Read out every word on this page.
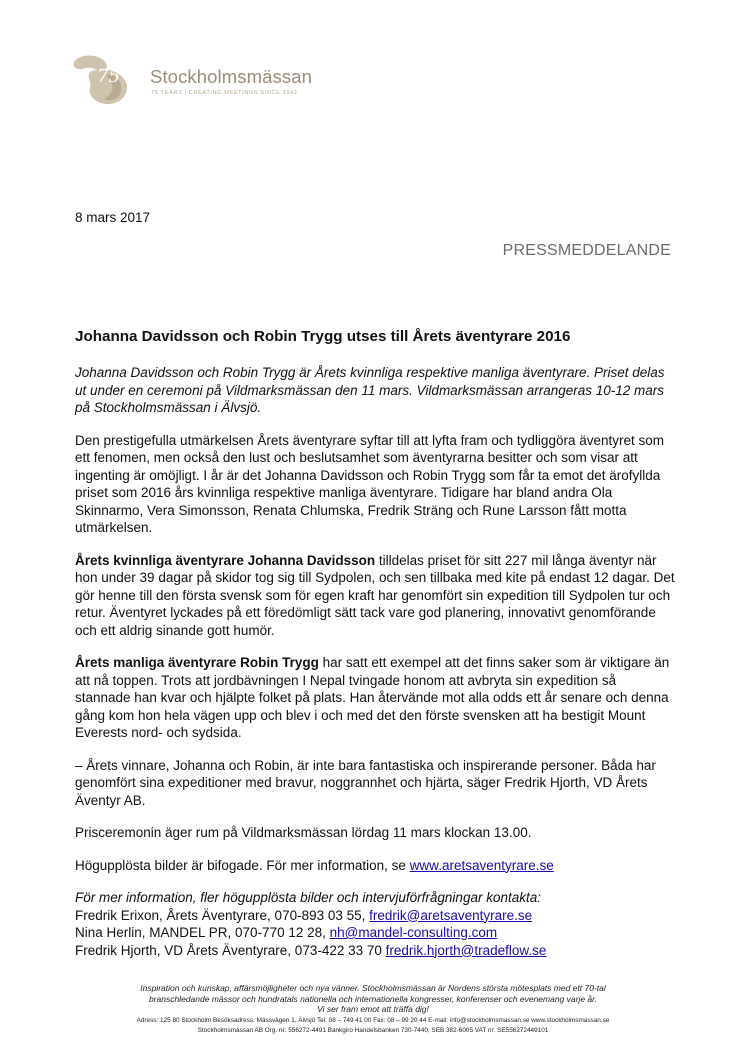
75 Stockholmsmässan
75 YEARS | CREATING MEETINGS SINCE 1942
8 mars 2017
PRESSMEDDELANDE
Johanna Davidsson och Robin Trygg utses till Årets äventyrare 2016

Johanna Davidsson och Robin Trygg är Årets kvinnliga respektive manliga äventyrare. Priset delas ut under en ceremoni på Vildmarksmässan den 11 mars. Vildmarksmässan arrangeras 10-12 mars på Stockholmsmässan i Älvsjö.

Den prestigefulla utmärkelsen Årets äventyrare syftar till att lyfta fram och tydliggöra äventyret som ett fenomen, men också den lust och beslutsamhet som äventyrarna besitter och som visar att ingenting är omöjligt. I år är det Johanna Davidsson och Robin Trygg som får ta emot det ärofyllda priset som 2016 års kvinnliga respektive manliga äventyrare. Tidigare har bland andra Ola Skinnarmo, Vera Simonsson, Renata Chlumska, Fredrik Sträng och Rune Larsson fått motta utmärkelsen.

Årets kvinnliga äventyrare Johanna Davidsson tilldelas priset för sitt 227 mil långa äventyr när hon under 39 dagar på skidor tog sig till Sydpolen, och sen tillbaka med kite på endast 12 dagar. Det gör henne till den första svensk som för egen kraft har genomfört sin expedition till Sydpolen tur och retur. Äventyret lyckades på ett föredömligt sätt tack vare god planering, innovativt genomförande och ett aldrig sinande gott humör.

Årets manliga äventyrare Robin Trygg har satt ett exempel att det finns saker som är viktigare än att nå toppen. Trots att jordbävningen I Nepal tvingade honom att avbryta sin expedition så stannade han kvar och hjälpte folket på plats. Han återvände mot alla odds ett år senare och denna gång kom hon hela vägen upp och blev i och med det den förste svensken att ha bestigit Mount Everests nord- och sydsida.

– Årets vinnare, Johanna och Robin, är inte bara fantastiska och inspirerande personer. Båda har genomfört sina expeditioner med bravur, noggrannhet och hjärta, säger Fredrik Hjorth, VD Årets Äventyr AB.

Prisceremonin äger rum på Vildmarksmässan lördag 11 mars klockan 13.00.

Högupplösta bilder är bifogade. För mer information, se www.aretsaventyrare.se

För mer information, fler högupplösta bilder och intervjuförfrågningar kontakta:

Fredrik Erixon, Årets Äventyrare, 070-893 03 55, fredrik@aretsaventyrare.se

Nina Herlin, MANDEL PR, 070-770 12 28, nh@mandel-consulting.com

Fredrik Hjorth, VD Årets Äventyrare, 073-422 33 70 fredrik.hjorth@tradeflow.se

Inspiration och kunskap, affärsmöjligheter och nya vänner. Stockholmsmässan är Nordens största mötesplats med ett 70-tal
branschledande mässor och hundratals nationella och internationella kongresser, konferenser och evenemang varje år.
Vi ser fram emot att träffa dig!
Adress: 125 80 Stockholm Besöksadress: Mässvägen 1, Älvsjö Tel: 08 – 749 41 00 Fax: 08 – 99 20 44 E-mail: info@stockholmsmassan.se www.stockholmsmassan.se
Stockholmsmässan AB Org. nr: 556272-4491 Bankgiro Handelsbanken 730-7440, SEB 382-6005 VAT nr: SE556272449101
